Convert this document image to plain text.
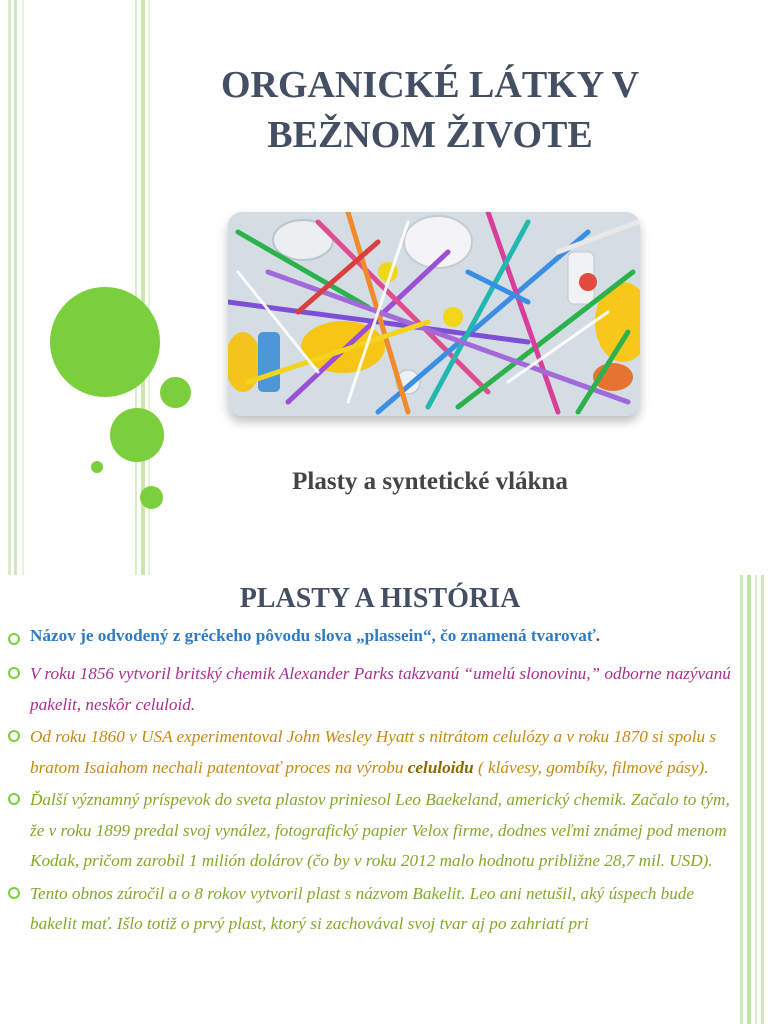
ORGANICKÉ LÁTKY V
BEŽNOM ŽIVOTE
Plasty a syntetické vlákna
PLASTY A HISTÓRIA
Názov je odvodený z gréckeho pôvodu slova „plassein“, čo znamená tvarovať.
V roku 1856 vytvoril britský chemik Alexander Parks takzvanú “umelú slonovinu,” odborne nazývanú pakelit, neskôr celuloid.
Od roku 1860 v USA experimentoval John Wesley Hyatt s nitrátom celulózy a v roku 1870 si spolu s bratom Isaiahom nechali patentovať proces na výrobu celuloidu ( klávesy, gombíky, filmové pásy).
Ďalší významný príspevok do sveta plastov priniesol Leo Baekeland, americký chemik. Začalo to tým, že v roku 1899 predal svoj vynález, fotografický papier Velox firme, dodnes veľmi známej pod menom Kodak, pričom zarobil 1 milión dolárov (čo by v roku 2012 malo hodnotu približne 28,7 mil. USD).
Tento obnos zúročil a o 8 rokov vytvoril plast s názvom Bakelit. Leo ani netušil, aký úspech bude bakelit mať. Išlo totiž o prvý plast, ktorý si zachovával svoj tvar aj po zahriatí pri
